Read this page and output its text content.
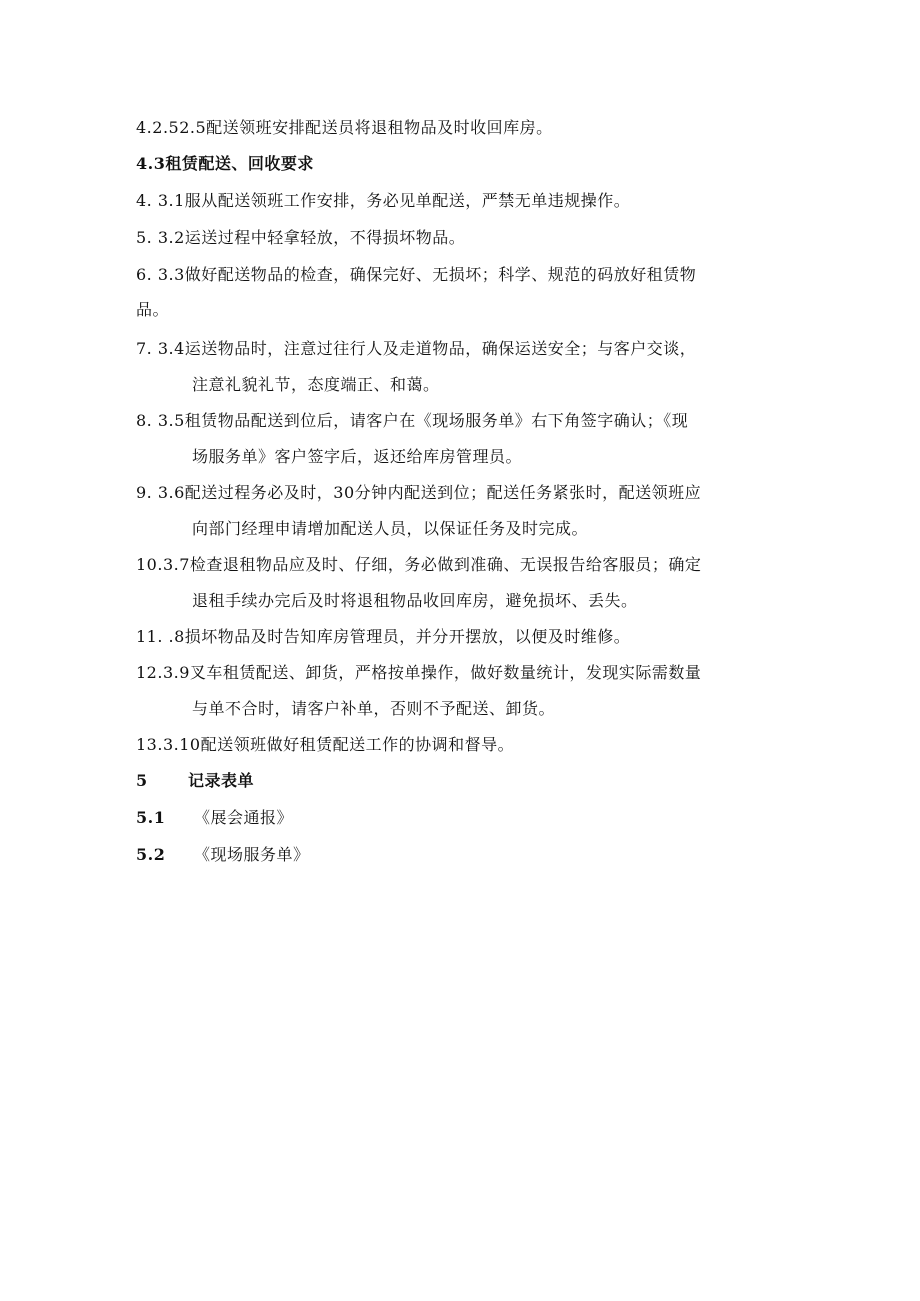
4.2.52.5配送领班安排配送员将退租物品及时收回库房。
4.3租赁配送、回收要求
4. 3.1服从配送领班工作安排，务必见单配送，严禁无单违规操作。
5. 3.2运送过程中轻拿轻放，不得损坏物品。
6. 3.3做好配送物品的检查，确保完好、无损坏；科学、规范的码放好租赁物
品。
7. 3.4运送物品时，注意过往行人及走道物品，确保运送安全；与客户交谈，
注意礼貌礼节，态度端正、和蔼。
8. 3.5租赁物品配送到位后，请客户在《现场服务单》右下角签字确认；《现
场服务单》客户签字后，返还给库房管理员。
9. 3.6配送过程务必及时，30分钟内配送到位；配送任务紧张时，配送领班应
向部门经理申请增加配送人员，以保证任务及时完成。
10.3.7检查退租物品应及时、仔细，务必做到准确、无误报告给客服员；确定
退租手续办完后及时将退租物品收回库房，避免损坏、丢失。
11. .8损坏物品及时告知库房管理员，并分开摆放，以便及时维修。
12.3.9叉车租赁配送、卸货，严格按单操作，做好数量统计，发现实际需数量
与单不合时，请客户补单，否则不予配送、卸货。
13.3.10配送领班做好租赁配送工作的协调和督导。
5	记录表单
5.1 《展会通报》
5.2 《现场服务单》
